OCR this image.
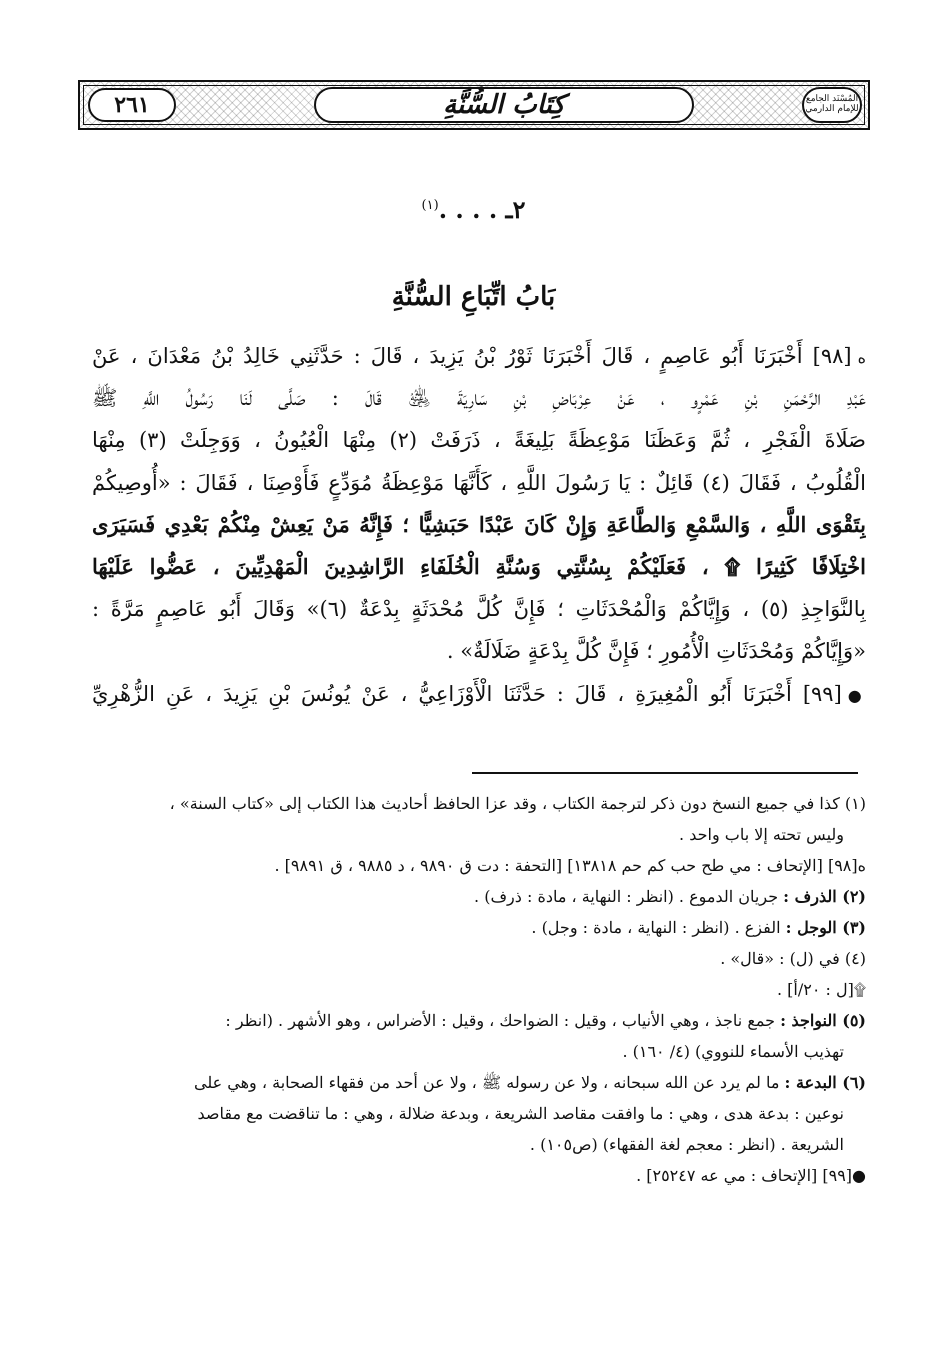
المُسْنَد الجامع للإمام الدارمي
كِتَابُ السُّنَّةِ
٢٦١
٢ـ . . . .$^{(١)}$
بَابُ اتِّبَاعِ السُّنَّةِ
ه[٩٨] أَخْبَرَنَا أَبُو عَاصِمٍ ، قَالَ أَخْبَرَنَا ثَوْرُ بْنُ يَزِيدَ ، قَالَ : حَدَّثَنِي خَالِدُ بْنُ مَعْدَانَ ، عَنْ
عَبْدِ الرَّحْمَنِ بْنِ عَمْرٍو ، عَنْ عِرْبَاضِ بْنِ سَارِيَةَ ﵁ قَالَ : صَلَّى لَنَا رَسُولُ اللَّهِ ﷺ
صَلَاةَ الْفَجْرِ ، ثُمَّ وَعَظَنَا مَوْعِظَةً بَلِيغَةً ، ذَرَفَتْ (٢) مِنْهَا الْعُيُونُ ، وَوَجِلَتْ (٣) مِنْهَا
الْقُلُوبُ ، فَقَالَ (٤) قَائِلٌ : يَا رَسُولَ اللَّهِ ، كَأَنَّهَا مَوْعِظَةُ مُوَدِّعٍ فَأَوْصِنَا ، فَقَالَ : «أُوصِيكُمْ
بِتَقْوَى اللَّهِ ، وَالسَّمْعِ وَالطَّاعَةِ وَإِنْ كَانَ عَبْدًا حَبَشِيًّا ؛ فَإِنَّهُ مَنْ يَعِشْ مِنْكُمْ بَعْدِي فَسَيَرَى
اخْتِلَافًا كَثِيرًا ۩ ، فَعَلَيْكُمْ بِسُنَّتِي وَسُنَّةِ الْخُلَفَاءِ الرَّاشِدِينَ الْمَهْدِيِّينَ ، عَضُّوا عَلَيْهَا
بِالنَّوَاجِذِ (٥) ، وَإِيَّاكُمْ وَالْمُحْدَثَاتِ ؛ فَإِنَّ كُلَّ مُحْدَثَةٍ بِدْعَةٌ (٦)» وَقَالَ أَبُو عَاصِمٍ مَرَّةً :
«وَإِيَّاكُمْ وَمُحْدَثَاتِ الْأُمُورِ ؛ فَإِنَّ كُلَّ بِدْعَةٍ ضَلَالَةٌ» .
●[٩٩] أَخْبَرَنَا أَبُو الْمُغِيرَةِ ، قَالَ : حَدَّثَنَا الْأَوْزَاعِيُّ ، عَنْ يُونُسَ بْنِ يَزِيدَ ، عَنِ الزُّهْرِيِّ
(١) كذا في جميع النسخ دون ذكر لترجمة الكتاب ، وقد عزا الحافظ أحاديث هذا الكتاب إلى «كتاب السنة» ،
وليس تحته إلا باب واحد .
ه[٩٨] [الإتحاف : مي طح حب كم حم ١٣٨١٨] [التحفة : دت ق ٩٨٩٠ ، د ٩٨٨٥ ، ق ٩٨٩١] .
(٢) الذرف : جريان الدموع . (انظر : النهاية ، مادة : ذرف) .
(٣) الوجل : الفزع . (انظر : النهاية ، مادة : وجل) .
(٤) في (ل) : «قال» .
۩[ل : ٢٠/أ] .
(٥) النواجذ : جمع ناجذ ، وهي الأنياب ، وقيل : الضواحك ، وقيل : الأضراس ، وهو الأشهر . (انظر :
تهذيب الأسماء للنووي) (٤/ ١٦٠) .
(٦) البدعة : ما لم يرد عن الله سبحانه ، ولا عن رسوله ﷺ ، ولا عن أحد من فقهاء الصحابة ، وهي على
نوعين : بدعة هدى ، وهي : ما وافقت مقاصد الشريعة ، وبدعة ضلالة ، وهي : ما تناقضت مع مقاصد
الشريعة . (انظر : معجم لغة الفقهاء) (ص١٠٥) .
●[٩٩] [الإتحاف : مي عه ٢٥٢٤٧] .
